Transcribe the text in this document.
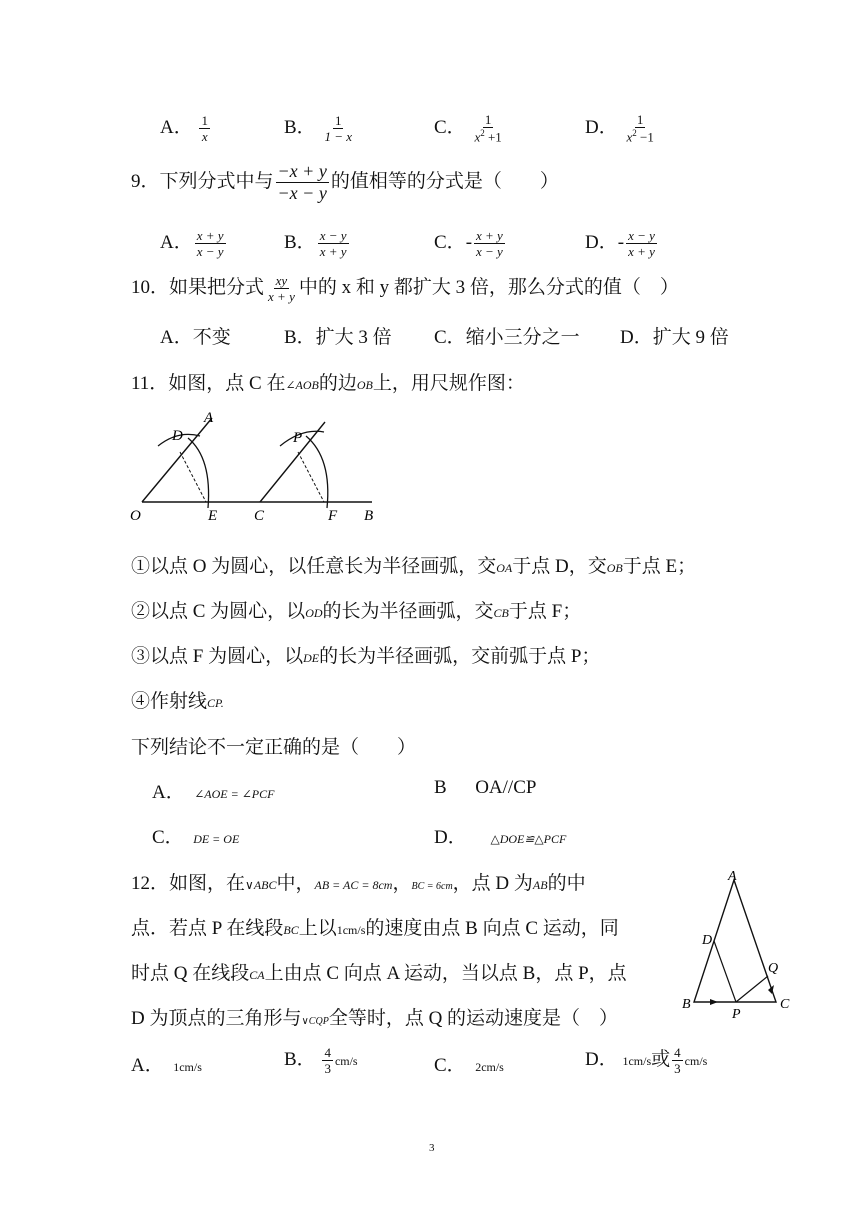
A． $\frac{1}{x}$	B． $\frac{1}{1 - x}$	C． $\frac{1}{x^2 +1}$	D． $\frac{1}{x^2 -1}$
9．下列分式中与 $\frac{-x + y}{-x - y}$ 的值相等的分式是（　　）
A． $\frac{x + y}{x - y}$	B． $\frac{x - y}{x + y}$	C．- $\frac{x + y}{x - y}$	D．- $\frac{x - y}{x + y}$
10．如果把分式 $\frac{xy}{x + y}$ 中的 x 和 y 都扩大 3 倍，那么分式的值（　）
A．不变	B．扩大 3 倍 C．缩小三分之一 D．扩大 9 倍
11．如图，点 C 在∠AOB的边OB上，用尺规作图：
A
D	P
O	E C	F B
①以点 O 为圆心，以任意长为半径画弧，交OA于点 D，交OB于点 E；
②以点 C 为圆心，以OD的长为半径画弧，交CB于点 F；
③以点 F 为圆心，以DE的长为半径画弧，交前弧于点 P；
④作射线CP.
下列结论不一定正确的是（　　）
A． ∠AOE = ∠PCF	B OA//CP
C． DE = OE	D． △DOE≌△PCF
12．如图，在∨ABC中，AB = AC = 8cm，BC = 6cm，点 D 为AB的中
点．若点 P 在线段BC上以1cm/s的速度由点 B 向点 C 运动，同
时点 Q 在线段CA上由点 C 向点 A 运动，当以点 B，点 P，点
D 为顶点的三角形与∨CQP全等时，点 Q 的运动速度是（　）
A
D
Q
B
P
C
A． 1cm/s	B． $\frac{4}{3} cm/s$	C． 2cm/s	D． 1cm/s或 $\frac{4}{3} cm/s$
3
